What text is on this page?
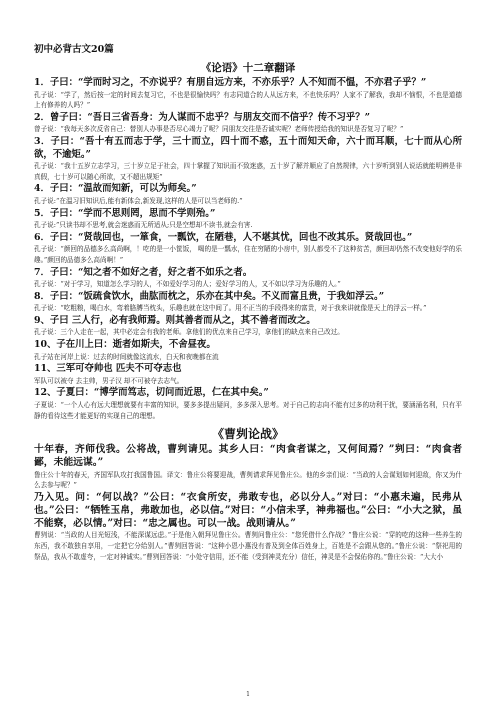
初中必背古文20篇
《论语》十二章翻译

1．子曰：“学而时习之，不亦说乎？有朋自远方来，不亦乐乎？人不知而不愠，不亦君子乎？”

孔子说：“学了，然后按一定的时间去复习它，不也是很愉快吗？有志同道合的人从远方来，不也快乐吗？人家不了解我，我却不恼恨，不也是道德上有修养的人吗？”

2．曾子曰：“吾日三省吾身：为人谋而不忠乎？与朋友交而不信乎？传不习乎？”

曾子说：“我每天多次反省自己：替别人办事是否尽心竭力了呢？同朋友交往是否诚实呢？老师传授给我的知识是否复习了呢？”

3．子曰：“吾十有五而志于学，三十而立，四十而不惑，五十而知天命，六十而耳顺，七十而从心所欲，不逾矩。”

孔子说：“我十五岁立志学习，三十岁立足于社会，四十掌握了知识而不致迷惑，五十岁了解并顺应了自然规律，六十岁听到别人说话就能明辨是非真假，七十岁可以随心所欲，又不超出规矩”

4．子曰：“温故而知新，可以为师矣。”

孔子说:“在温习旧知识后,能有新体会,新发现,这样的人是可以当老师的.”

5．子曰：“学而不思则罔，思而不学则殆。”

孔子说:”只读书却不思考,就会迷惑而无所适从;只是空想却不读书,就会有害.

6．子曰：“贤哉回也，一箪食，一瓢饮，在陋巷，人不堪其忧，回也不改其乐。贤哉回也。”

孔子说：“颜回的品德多么高尚啊，！吃的是一小筐饭， 喝的是一瓢水，住在穷陋的小房中，别人都受不了这种贫苦，颜回却仍然不改变他好学的乐趣。”颜回的品德多么高尚啊！”

7．子曰：“知之者不如好之者，好之者不如乐之者。

孔子说：“对于学习，知道怎么学习的人，不如爱好学习的人；爱好学习的人，又不如以学习为乐趣的人。”

8．子曰：“饭疏食饮水，曲肱而枕之，乐亦在其中矣。不义而富且贵，于我如浮云。”

孔子说：“吃粗粮，喝白水，弯着胳膊当枕头，乐趣也就在这中间了。用不正当的手段得来的富贵，对于我来讲就像是天上的浮云一样。”

9、子曰 三人行，必有我师焉。则其善者而从之，其不善者而改之。

孔子说：三个人走在一起，其中必定会有我的老师。拿他们的优点来自己学习，拿他们的缺点来自己改过。

10、子在川上曰：逝者如斯夫，不舍昼夜。

孔子站在河岸上说：过去的时间就像这流水，白天和夜晚都在流

11、三军可夺帅也 匹夫不可夺志也

军队可以被夺 去主帅，男子汉 却不可被夺去志气。

12、子夏曰：“博学而笃志，切问而近思，仁在其中矣。”

子夏说：“一个人心有远大理想就要有丰富的知识，要多多提出疑问，多多深入思考。对于自己的志向不能有过多的功利干扰，要涵涌名利，只有平静的看待这些才能更好的实现自己的理想。

《曹刿论战》

十年春，齐师伐我。公将战，曹刿请见。其乡人曰：“肉食者谋之，又何间焉？”刿曰：“肉食者鄙，未能远谋。”

鲁庄公十年的春天，齐国军队攻打我国鲁国。译文：鲁庄公将要迎战，曹刿请求拜见鲁庄公。他的乡亲们说：“当政的人会谋划如何迎敌，你又为什么去参与呢？”

乃入见。问：“何以战？”公曰：“衣食所安，弗敢专也，必以分人。”对曰：“小惠未遍，民弗从也。”公曰：“牺牲玉帛，弗敢加也，必以信。”对曰：“小信未孚，神弗福也。”公曰：“小大之狱，虽不能察，必以情。”对曰：“忠之属也。可以一战。战则请从。”

曹刿说：“当政的人目光短浅，不能深谋远虑。”于是他入朝拜见鲁庄公。曹刿问鲁庄公：“您凭借什么作战？”鲁庄公说：“穿的吃的这种一些养生的东西，我不敢独自享用，一定把它分给别人。”曹刿回答说：“这种小恩小惠没有普及到全体百姓身上，百姓是不会跟从您的。”鲁庄公说：“祭祀用的祭品，我从不敢虚夸，一定对神诚实。”曹刿回答说：“小处守信用，还不能（受到神灵充分）信任，神灵是不会保佑你的。”鲁庄公说：“大大小

1
